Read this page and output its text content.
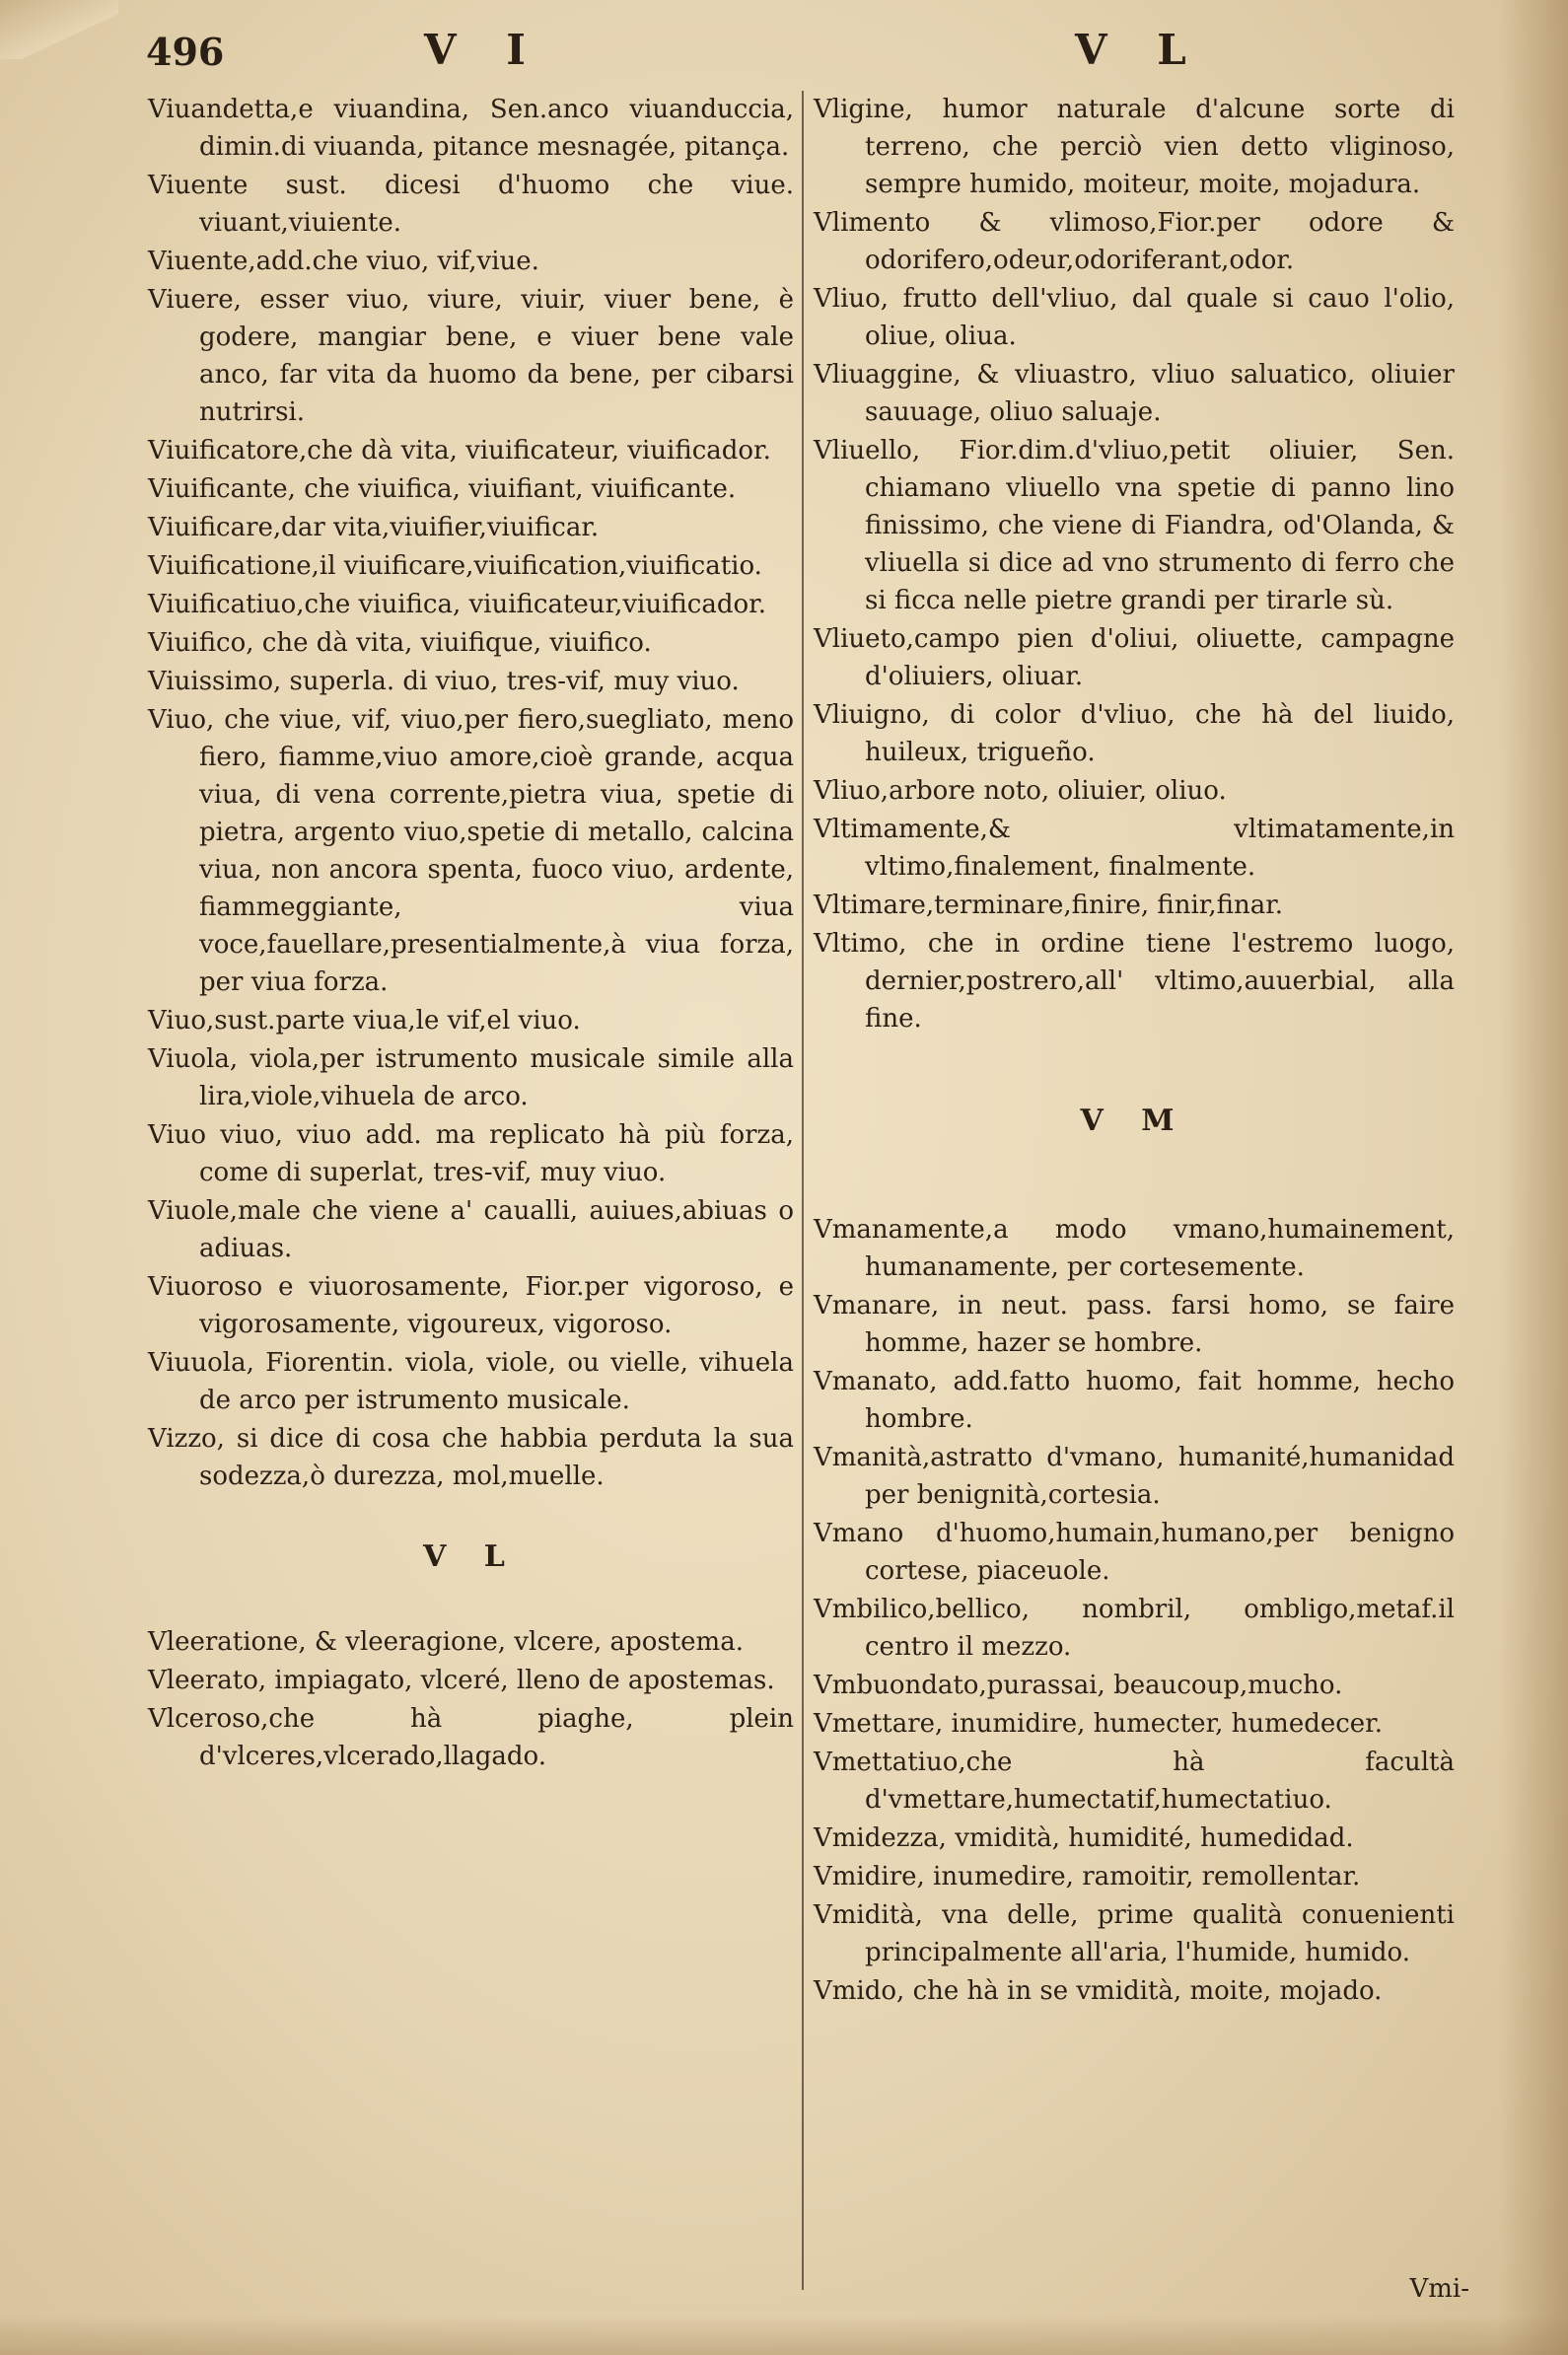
496	V I	V L

Viuandetta,e viuandina, Sen.anco viuanduccia, dimin.di viuanda, pitance mesnagée, pitança.

Viuente sust. dicesi d'huomo che viue. viuant,viuiente.

Viuente,add.che viuo, vif,viue.

Viuere, esser viuo, viure, viuir, viuer bene, è godere, mangiar bene, e viuer bene vale anco, far vita da huomo da bene, per cibarsi nutrirsi.

Viuificatore,che dà vita, viuificateur, viuificador.

Viuificante, che viuifica, viuifiant, viuificante.

Viuificare,dar vita,viuifier,viuificar.

Viuificatione,il viuificare,viuification,viuificatio.

Viuificatiuo,che viuifica, viuificateur,viuificador.

Viuifico, che dà vita, viuifique, viuifico.

Viuissimo, superla. di viuo, tres-vif, muy viuo.

Viuo, che viue, vif, viuo,per fiero,suegliato, meno fiero, fiamme,viuo amore,cioè grande, acqua viua, di vena corrente,pietra viua, spetie di pietra, argento viuo,spetie di metallo, calcina viua, non ancora spenta, fuoco viuo, ardente, fiammeggiante, viua voce,fauellare,presentialmente,à viua forza, per viua forza.

Viuo,sust.parte viua,le vif,el viuo.

Viuola, viola,per istrumento musicale simile alla lira,viole,vihuela de arco.

Viuo viuo, viuo add. ma replicato hà più forza, come di superlat, tres-vif, muy viuo.

Viuole,male che viene a' caualli, auiues,abiuas o adiuas.

Viuoroso e viuorosamente, Fior.per vigoroso, e vigorosamente, vigoureux, vigoroso.

Viuuola, Fiorentin. viola, viole, ou vielle, vihuela de arco per istrumento musicale.

Vizzo, si dice di cosa che habbia perduta la sua sodezza,ò durezza, mol,muelle.

V L

Vleeratione, & vleeragione, vlcere, apostema.

Vleerato, impiagato, vlceré, lleno de apostemas.

Vlceroso,che hà piaghe, plein d'vlceres,vlcerado,llagado.

Vligine, humor naturale d'alcune sorte di terreno, che perciò vien detto vliginoso, sempre humido, moiteur, moite, mojadura.

Vlimento & vlimoso,Fior.per odore & odorifero,odeur,odoriferant,odor.

Vliuo, frutto dell'vliuo, dal quale si cauo l'olio, oliue, oliua.

Vliuaggine, & vliuastro, vliuo saluatico, oliuier sauuage, oliuo saluaje.

Vliuello, Fior.dim.d'vliuo,petit oliuier, Sen. chiamano vliuello vna spetie di panno lino finissimo, che viene di Fiandra, od'Olanda, & vliuella si dice ad vno strumento di ferro che si ficca nelle pietre grandi per tirarle sù.

Vliueto,campo pien d'oliui, oliuette, campagne d'oliuiers, oliuar.

Vliuigno, di color d'vliuo, che hà del liuido, huileux, trigueño.

Vliuo,arbore noto, oliuier, oliuo.

Vltimamente,& vltimatamente,in vltimo,finalement, finalmente.

Vltimare,terminare,finire, finir,finar.

Vltimo, che in ordine tiene l'estremo luogo, dernier,postrero,all' vltimo,auuerbial, alla fine.

V M

Vmanamente,a modo vmano,humainement, humanamente, per cortesemente.

Vmanare, in neut. pass. farsi homo, se faire homme, hazer se hombre.

Vmanato, add.fatto huomo, fait homme, hecho hombre.

Vmanità,astratto d'vmano, humanité,humanidad per benignità,cortesia.

Vmano d'huomo,humain,humano,per benigno cortese, piaceuole.

Vmbilico,bellico, nombril, ombligo,metaf.il centro il mezzo.

Vmbuondato,purassai, beaucoup,mucho.

Vmettare, inumidire, humecter, humedecer.

Vmettatiuo,che hà facultà d'vmettare,humectatif,humectatiuo.

Vmidezza, vmidità, humidité, humedidad.

Vmidire, inumedire, ramoitir, remollentar.

Vmidità, vna delle, prime qualità conuenienti principalmente all'aria, l'humide, humido.

Vmido, che hà in se vmidità, moite, mojado.

Vmi-
